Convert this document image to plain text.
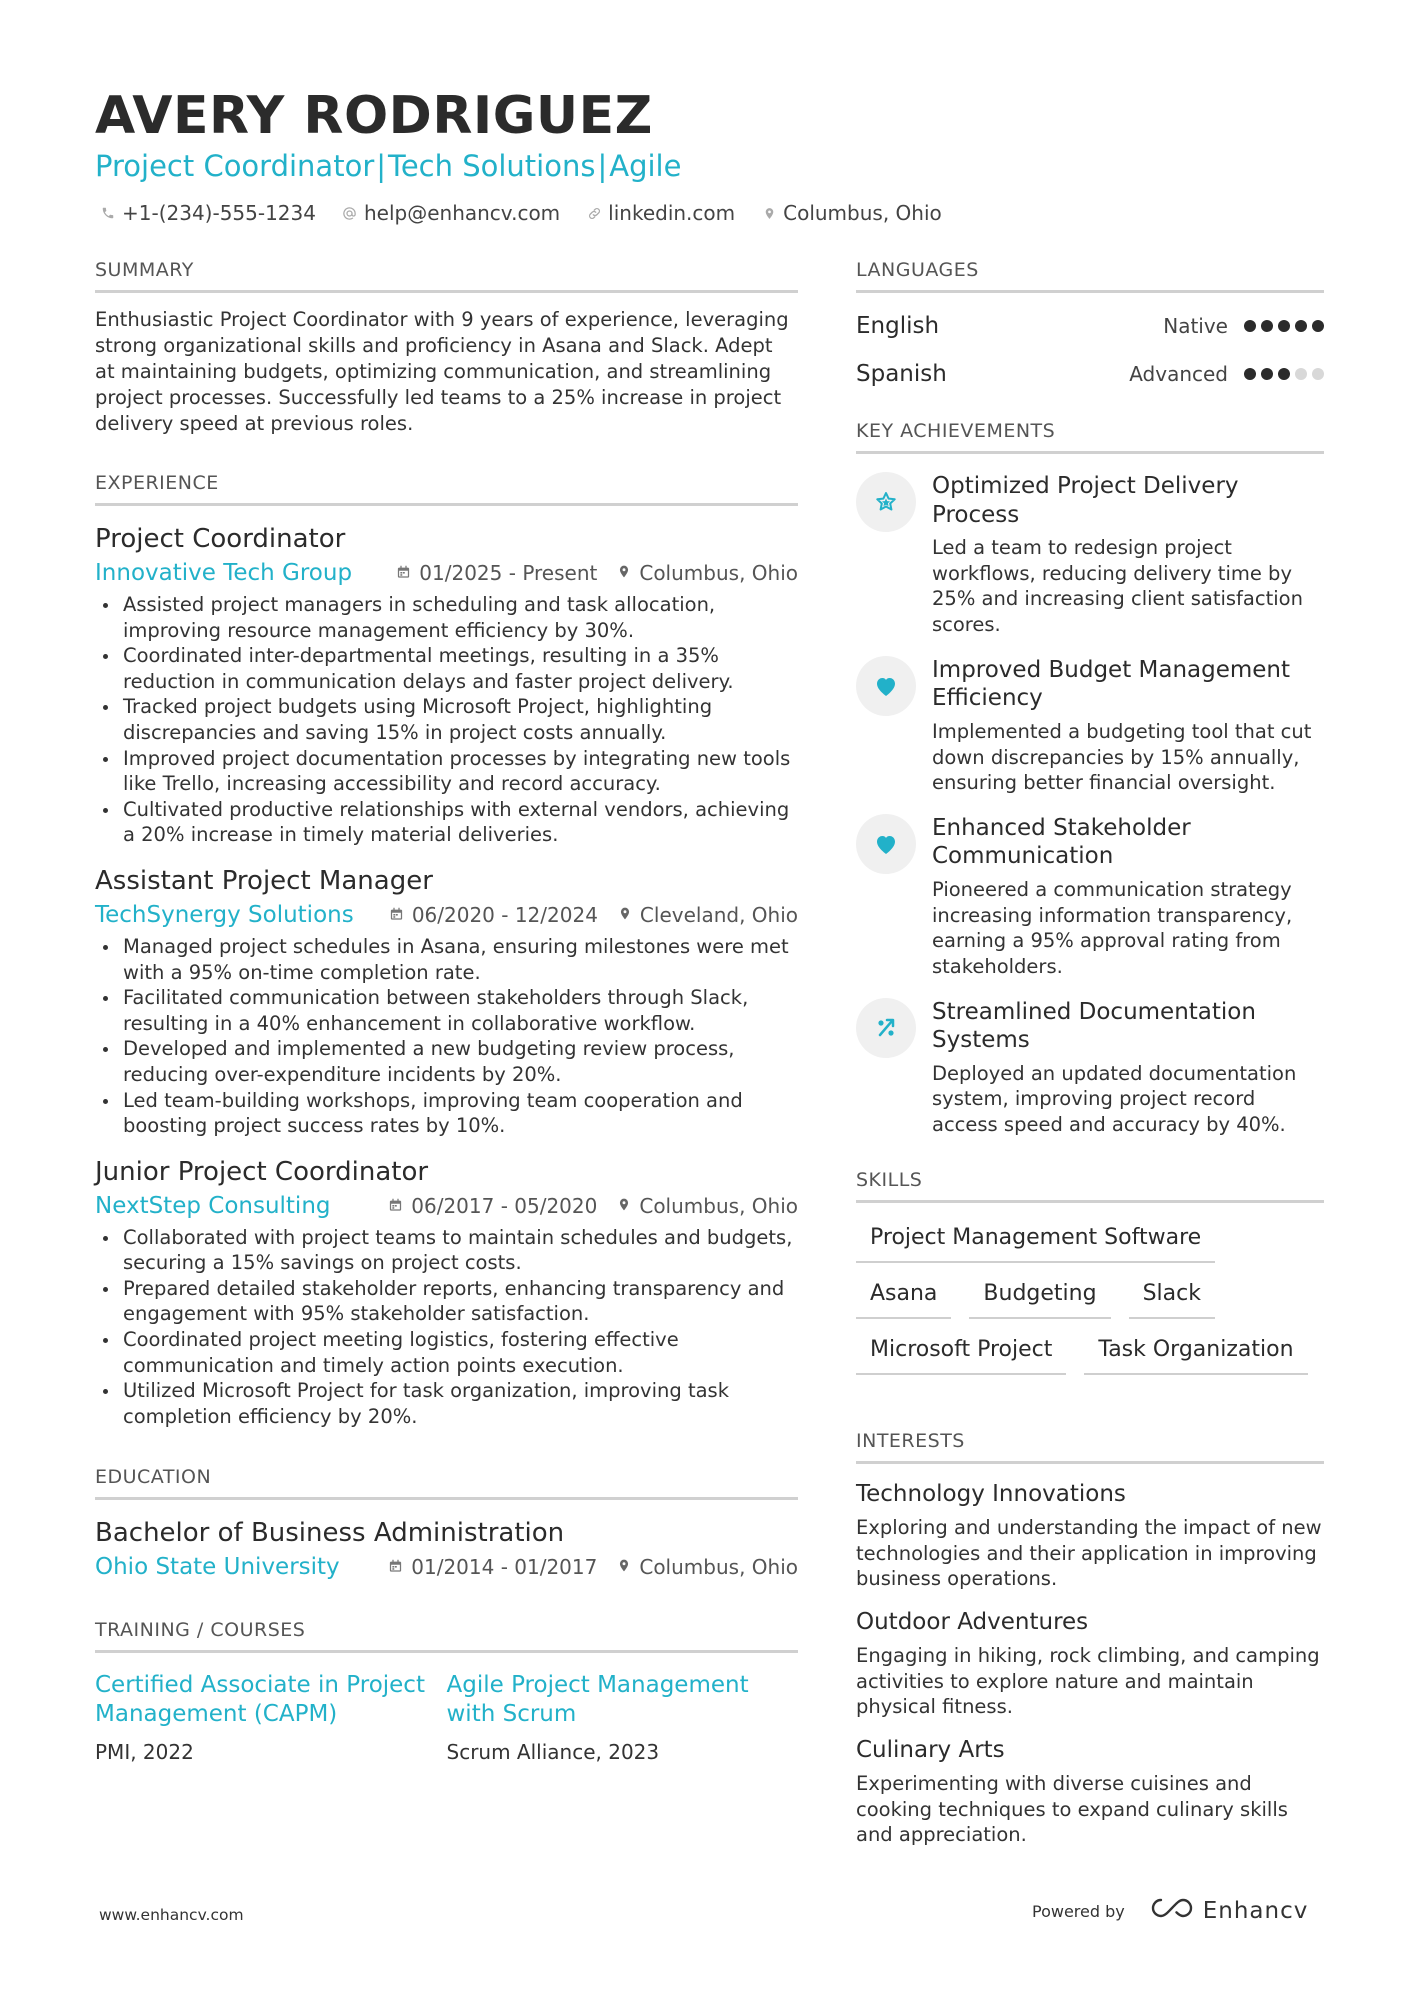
AVERY RODRIGUEZ
Project Coordinator|Tech Solutions|Agile
+1-(234)-555-1234 help@enhancv.com linkedin.com Columbus, Ohio
SUMMARY

Enthusiastic Project Coordinator with 9 years of experience, leveraging strong organizational skills and proficiency in Asana and Slack. Adept at maintaining budgets, optimizing communication, and streamlining project processes. Successfully led teams to a 25% increase in project delivery speed at previous roles.

EXPERIENCE
Project Coordinator
Innovative Tech Group	01/2025 - Present Columbus, Ohio
Assisted project managers in scheduling and task allocation, improving resource management efficiency by 30%.
Coordinated inter-departmental meetings, resulting in a 35% reduction in communication delays and faster project delivery.
Tracked project budgets using Microsoft Project, highlighting discrepancies and saving 15% in project costs annually.
Improved project documentation processes by integrating new tools like Trello, increasing accessibility and record accuracy.
Cultivated productive relationships with external vendors, achieving a 20% increase in timely material deliveries.
Assistant Project Manager
TechSynergy Solutions	06/2020 - 12/2024 Cleveland, Ohio
Managed project schedules in Asana, ensuring milestones were met with a 95% on-time completion rate.
Facilitated communication between stakeholders through Slack, resulting in a 40% enhancement in collaborative workflow.
Developed and implemented a new budgeting review process, reducing over-expenditure incidents by 20%.
Led team-building workshops, improving team cooperation and boosting project success rates by 10%.
Junior Project Coordinator
NextStep Consulting	06/2017 - 05/2020 Columbus, Ohio
Collaborated with project teams to maintain schedules and budgets, securing a 15% savings on project costs.
Prepared detailed stakeholder reports, enhancing transparency and engagement with 95% stakeholder satisfaction.
Coordinated project meeting logistics, fostering effective communication and timely action points execution.
Utilized Microsoft Project for task organization, improving task completion efficiency by 20%.
EDUCATION
Bachelor of Business Administration
Ohio State University	01/2014 - 01/2017 Columbus, Ohio
TRAINING / COURSES
Certified Associate in Project Management (CAPM)
PMI, 2022
Agile Project Management with Scrum
Scrum Alliance, 2023
LANGUAGES
English	Native
Spanish	Advanced
KEY ACHIEVEMENTS
Optimized Project Delivery Process
Led a team to redesign project workflows, reducing delivery time by 25% and increasing client satisfaction scores.
Improved Budget Management Efficiency
Implemented a budgeting tool that cut down discrepancies by 15% annually, ensuring better financial oversight.
Enhanced Stakeholder Communication
Pioneered a communication strategy increasing information transparency, earning a 95% approval rating from stakeholders.
Streamlined Documentation Systems
Deployed an updated documentation system, improving project record access speed and accuracy by 40%.
SKILLS
Project Management Software
Asana	Budgeting	Slack
Microsoft Project	Task Organization
INTERESTS
Technology Innovations
Exploring and understanding the impact of new technologies and their application in improving business operations.
Outdoor Adventures
Engaging in hiking, rock climbing, and camping activities to explore nature and maintain physical fitness.
Culinary Arts
Experimenting with diverse cuisines and cooking techniques to expand culinary skills and appreciation.
www.enhancv.com	Powered by	Enhancv
